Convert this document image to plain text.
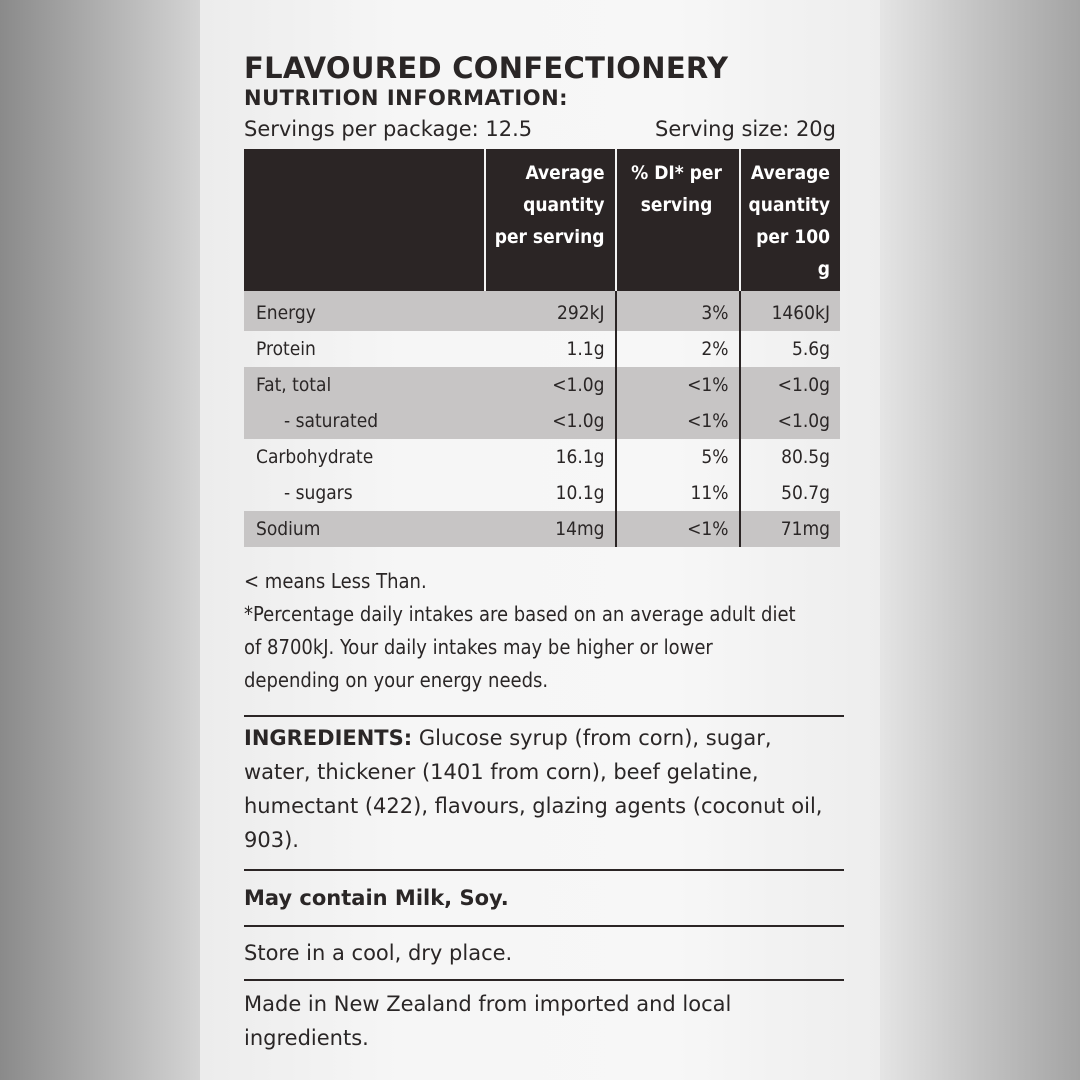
FLAVOURED CONFECTIONERY
NUTRITION INFORMATION:
Servings per package: 12.5	Serving size: 20g
	Average quantity per serving	% DI* per serving	Average quantity per 100 g
Energy	292kJ	3%	1460kJ
Protein	1.1g	2%	5.6g
Fat, total	<1.0g	<1%	<1.0g
- saturated	<1.0g	<1%	<1.0g
Carbohydrate	16.1g	5%	80.5g
- sugars	10.1g	11%	50.7g
Sodium	14mg	<1%	71mg

< means Less Than.

*Percentage daily intakes are based on an average adult diet of 8700kJ. Your daily intakes may be higher or lower depending on your energy needs.

INGREDIENTS: Glucose syrup (from corn), sugar, water, thickener (1401 from corn), beef gelatine, humectant (422), flavours, glazing agents (coconut oil, 903).
May contain Milk, Soy.
Store in a cool, dry place.
Made in New Zealand from imported and local ingredients.
